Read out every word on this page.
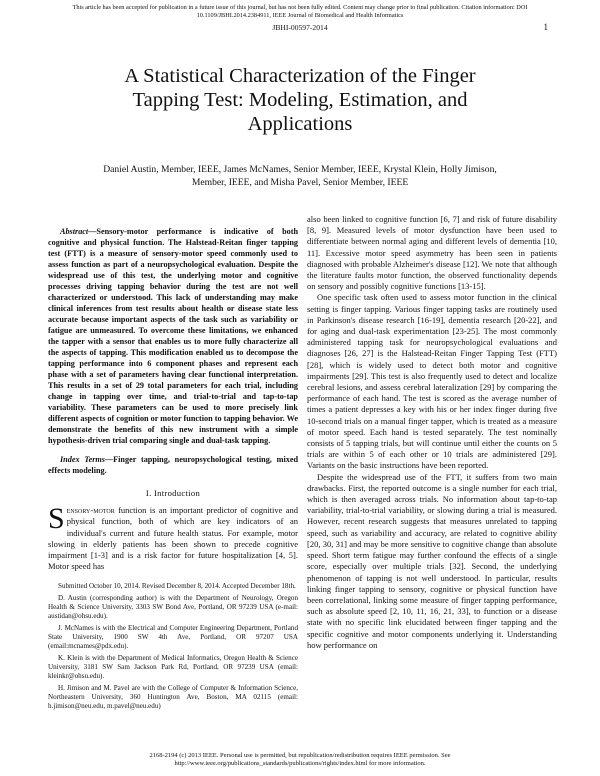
This article has been accepted for publication in a future issue of this journal, but has not been fully edited. Content may change prior to final publication. Citation information: DOI
10.1109/JBHI.2014.2384911, IEEE Journal of Biomedical and Health Informatics
JBHI-00597-2014	1
A Statistical Characterization of the Finger
Tapping Test: Modeling, Estimation, and
Applications
Daniel Austin, Member, IEEE, James McNames, Senior Member, IEEE, Krystal Klein, Holly Jimison,
Member, IEEE, and Misha Pavel, Senior Member, IEEE

Abstract—Sensory-motor performance is indicative of both cognitive and physical function. The Halstead-Reitan finger tapping test (FTT) is a measure of sensory-motor speed commonly used to assess function as part of a neuropsychological evaluation. Despite the widespread use of this test, the underlying motor and cognitive processes driving tapping behavior during the test are not well characterized or understood. This lack of understanding may make clinical inferences from test results about health or disease state less accurate because important aspects of the task such as variability or fatigue are unmeasured. To overcome these limitations, we enhanced the tapper with a sensor that enables us to more fully characterize all the aspects of tapping. This modification enabled us to decompose the tapping performance into 6 component phases and represent each phase with a set of parameters having clear functional interpretation. This results in a set of 29 total parameters for each trial, including change in tapping over time, and trial-to-trial and tap-to-tap variability. These parameters can be used to more precisely link different aspects of cognition or motor function to tapping behavior. We demonstrate the benefits of this new instrument with a simple hypothesis-driven trial comparing single and dual-task tapping.

Index Terms—Finger tapping, neuropsychological testing, mixed effects modeling.

I. Introduction

Sensory-motor function is an important predictor of cognitive and physical function, both of which are key indicators of an individual's current and future health status. For example, motor slowing in elderly patients has been shown to precede cognitive impairment [1-3] and is a risk factor for future hospitalization [4, 5]. Motor speed has

Submitted October 10, 2014. Revised December 8, 2014. Accepted December 18th.

D. Austin (corresponding author) is with the Department of Neurology, Oregon Health & Science University, 3303 SW Bond Ave, Portland, OR 97239 USA (e-mail: austidan@ohsu.edu).

J. McNames is with the Electrical and Computer Engineering Department, Portland State University, 1900 SW 4th Ave, Portland, OR 97207 USA (email:mcnames@pdx.edu).

K. Klein is with the Department of Medical Informatics, Oregon Health & Science University, 3181 SW Sam Jackson Park Rd, Portland, OR 97239 USA (email: kleinkr@ohsu.edu).

H. Jimison and M. Pavel are with the College of Computer & Information Science, Northeastern University, 360 Huntington Ave, Boston, MA 02115 (email: h.jimison@neu.edu, m.pavel@neu.edu)

also been linked to cognitive function [6, 7] and risk of future disability [8, 9]. Measured levels of motor dysfunction have been used to differentiate between normal aging and different levels of dementia [10, 11]. Excessive motor speed asymmetry has been seen in patients diagnosed with probable Alzheimer's disease [12]. We note that although the literature faults motor function, the observed functionality depends on sensory and possibly cognitive functions [13-15].

One specific task often used to assess motor function in the clinical setting is finger tapping. Various finger tapping tasks are routinely used in Parkinson's disease research [16-19], dementia research [20-22], and for aging and dual-task experimentation [23-25]. The most commonly administered tapping task for neuropsychological evaluations and diagnoses [26, 27] is the Halstead-Reitan Finger Tapping Test (FTT) [28], which is widely used to detect both motor and cognitive impairments [29]. This test is also frequently used to detect and localize cerebral lesions, and assess cerebral lateralization [29] by comparing the performance of each hand. The test is scored as the average number of times a patient depresses a key with his or her index finger during five 10-second trials on a manual finger tapper, which is treated as a measure of motor speed. Each hand is tested separately. The test nominally consists of 5 tapping trials, but will continue until either the counts on 5 trials are within 5 of each other or 10 trials are administered [29]. Variants on the basic instructions have been reported.

Despite the widespread use of the FTT, it suffers from two main drawbacks. First, the reported outcome is a single number for each trial, which is then averaged across trials. No information about tap-to-tap variability, trial-to-trial variability, or slowing during a trial is measured. However, recent research suggests that measures unrelated to tapping speed, such as variability and accuracy, are related to cognitive ability [20, 30, 31] and may be more sensitive to cognitive change than absolute speed. Short term fatigue may further confound the effects of a single score, especially over multiple trials [32]. Second, the underlying phenomenon of tapping is not well understood. In particular, results linking finger tapping to sensory, cognitive or physical function have been correlational, linking some measure of finger tapping performance, such as absolute speed [2, 10, 11, 16, 21, 33], to function or a disease state with no specific link elucidated between finger tapping and the specific cognitive and motor components underlying it. Understanding how performance on

2168-2194 (c) 2013 IEEE. Personal use is permitted, but republication/redistribution requires IEEE permission. See
http://www.ieee.org/publications_standards/publications/rights/index.html for more information.
